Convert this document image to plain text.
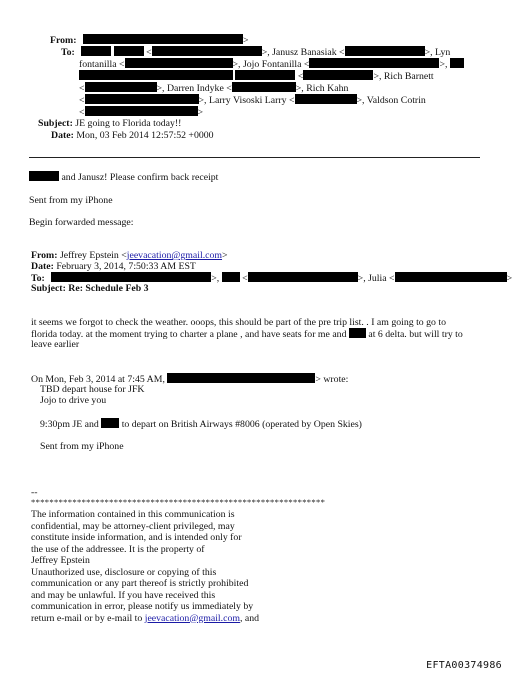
From:	>
To:	<	>, Janusz Banasiak <	>, Lyn
fontanilla <	>, Jojo Fontanilla <	>,
<	>, Rich Barnett
<	>, Darren Indyke <	>, Rich Kahn
<	>, Larry Visoski Larry <	>, Valdson Cotrin
<	>
Subject: JE going to Florida today!!
Date: Mon, 03 Feb 2014 12:57:52 +0000
and Janusz! Please confirm back receipt
Sent from my iPhone
Begin forwarded message:
From: Jeffrey Epstein <jeevacation@gmail.com>
Date: February 3, 2014, 7:50:33 AM EST
To:	>, <	>, Julia <	>
Subject: Re: Schedule Feb 3
it seems we forgot to check the weather. ooops, this should be part of the pre trip list. . I am going to go to
florida today. at the moment trying to charter a plane , and have seats for me and at 6 delta. but will try to
leave earlier
On Mon, Feb 3, 2014 at 7:45 AM,	> wrote:
TBD depart house for JFK
Jojo to drive you
9:30pm JE and to depart on British Airways #8006 (operated by Open Skies)
Sent from my iPhone
--
****************************************************************
The information contained in this communication is
confidential, may be attorney-client privileged, may
constitute inside information, and is intended only for
the use of the addressee. It is the property of
Jeffrey Epstein
Unauthorized use, disclosure or copying of this
communication or any part thereof is strictly prohibited
and may be unlawful. If you have received this
communication in error, please notify us immediately by
return e-mail or by e-mail to jeevacation@gmail.com, and
EFTA00374986
